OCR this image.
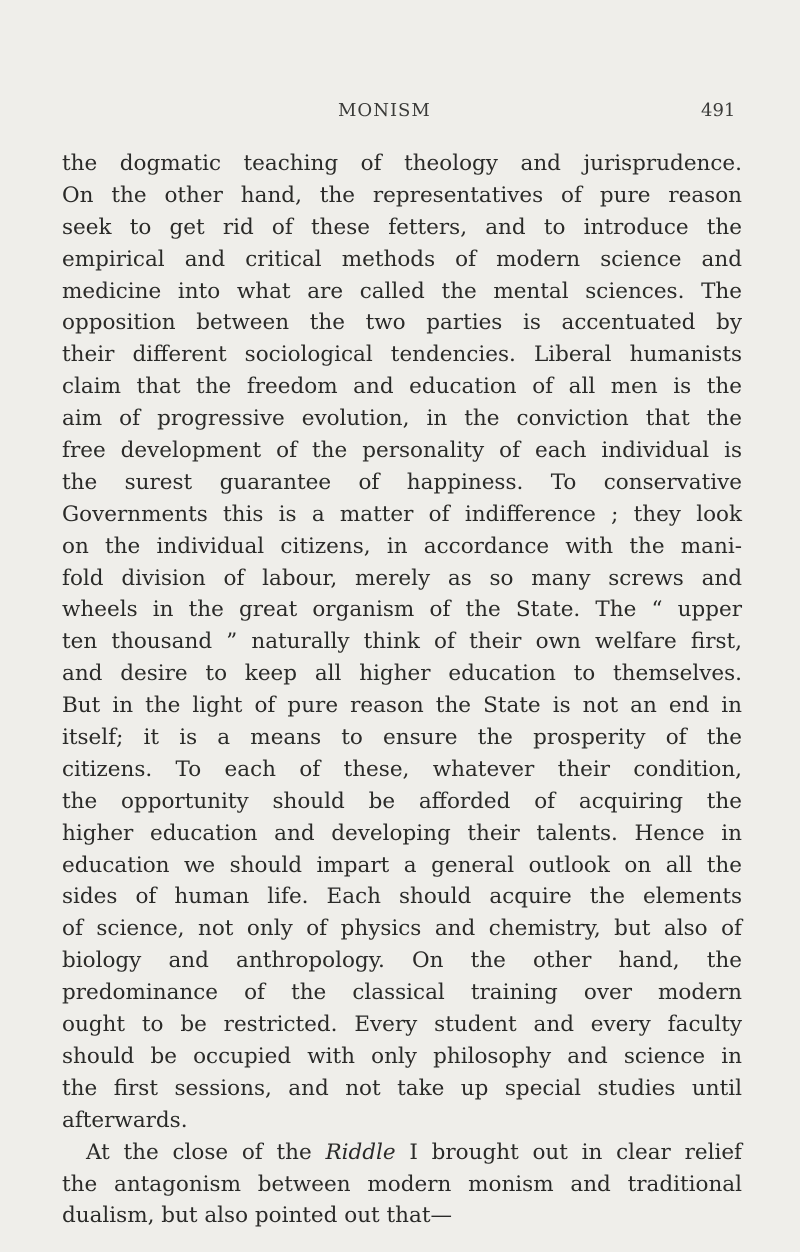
MONISM	491
the dogmatic teaching of theology and jurisprudence.
On the other hand, the representatives of pure reason
seek to get rid of these fetters, and to introduce the
empirical and critical methods of modern science and
medicine into what are called the mental sciences. The
opposition between the two parties is accentuated by
their different sociological tendencies. Liberal humanists
claim that the freedom and education of all men is the
aim of progressive evolution, in the conviction that the
free development of the personality of each individual is
the surest guarantee of happiness. To conservative
Governments this is a matter of indifference ; they look
on the individual citizens, in accordance with the mani-
fold division of labour, merely as so many screws and
wheels in the great organism of the State. The “ upper
ten thousand ” naturally think of their own welfare first,
and desire to keep all higher education to themselves.
But in the light of pure reason the State is not an end in
itself; it is a means to ensure the prosperity of the
citizens. To each of these, whatever their condition,
the opportunity should be afforded of acquiring the
higher education and developing their talents. Hence in
education we should impart a general outlook on all the
sides of human life. Each should acquire the elements
of science, not only of physics and chemistry, but also of
biology and anthropology. On the other hand, the
predominance of the classical training over modern
ought to be restricted. Every student and every faculty
should be occupied with only philosophy and science in
the first sessions, and not take up special studies until
afterwards.
At the close of the Riddle I brought out in clear relief
the antagonism between modern monism and traditional
dualism, but also pointed out that—
